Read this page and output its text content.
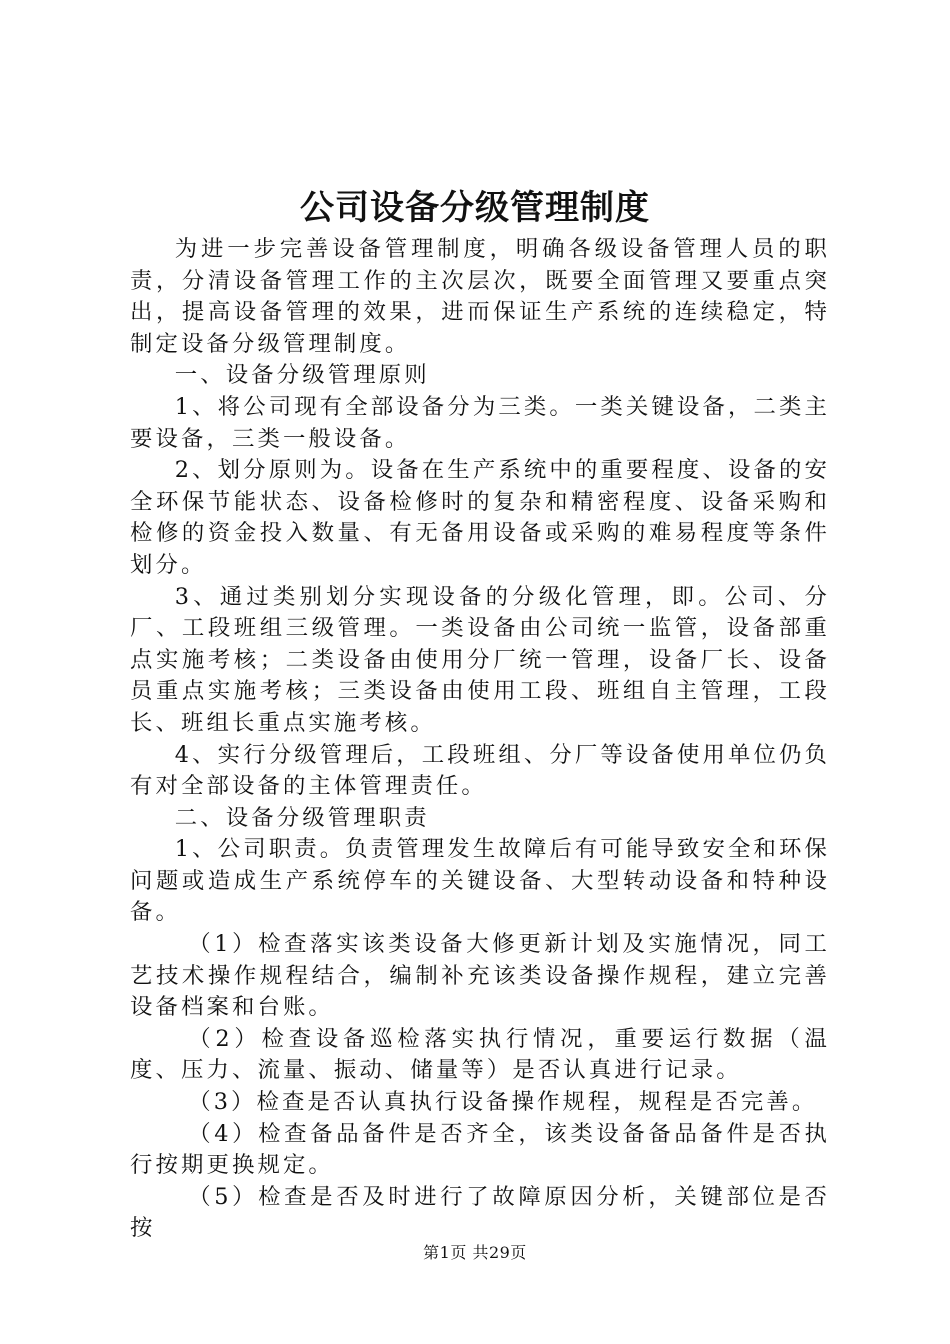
公司设备分级管理制度

为进一步完善设备管理制度，明确各级设备管理人员的职责，分清设备管理工作的主次层次，既要全面管理又要重点突出，提高设备管理的效果，进而保证生产系统的连续稳定，特制定设备分级管理制度。

一、设备分级管理原则

1、将公司现有全部设备分为三类。一类关键设备，二类主要设备，三类一般设备。

2、划分原则为。设备在生产系统中的重要程度、设备的安全环保节能状态、设备检修时的复杂和精密程度、设备采购和检修的资金投入数量、有无备用设备或采购的难易程度等条件划分。

3、通过类别划分实现设备的分级化管理，即。公司、分厂、工段班组三级管理。一类设备由公司统一监管，设备部重点实施考核；二类设备由使用分厂统一管理，设备厂长、设备员重点实施考核；三类设备由使用工段、班组自主管理，工段长、班组长重点实施考核。

4、实行分级管理后，工段班组、分厂等设备使用单位仍负有对全部设备的主体管理责任。

二、设备分级管理职责

1、公司职责。负责管理发生故障后有可能导致安全和环保问题或造成生产系统停车的关键设备、大型转动设备和特种设备。

（1）检查落实该类设备大修更新计划及实施情况，同工艺技术操作规程结合，编制补充该类设备操作规程，建立完善设备档案和台账。

（2）检查设备巡检落实执行情况，重要运行数据（温度、压力、流量、振动、储量等）是否认真进行记录。

（3）检查是否认真执行设备操作规程，规程是否完善。

（4）检查备品备件是否齐全，该类设备备品备件是否执行按期更换规定。

（5）检查是否及时进行了故障原因分析，关键部位是否按

第1页 共29页
